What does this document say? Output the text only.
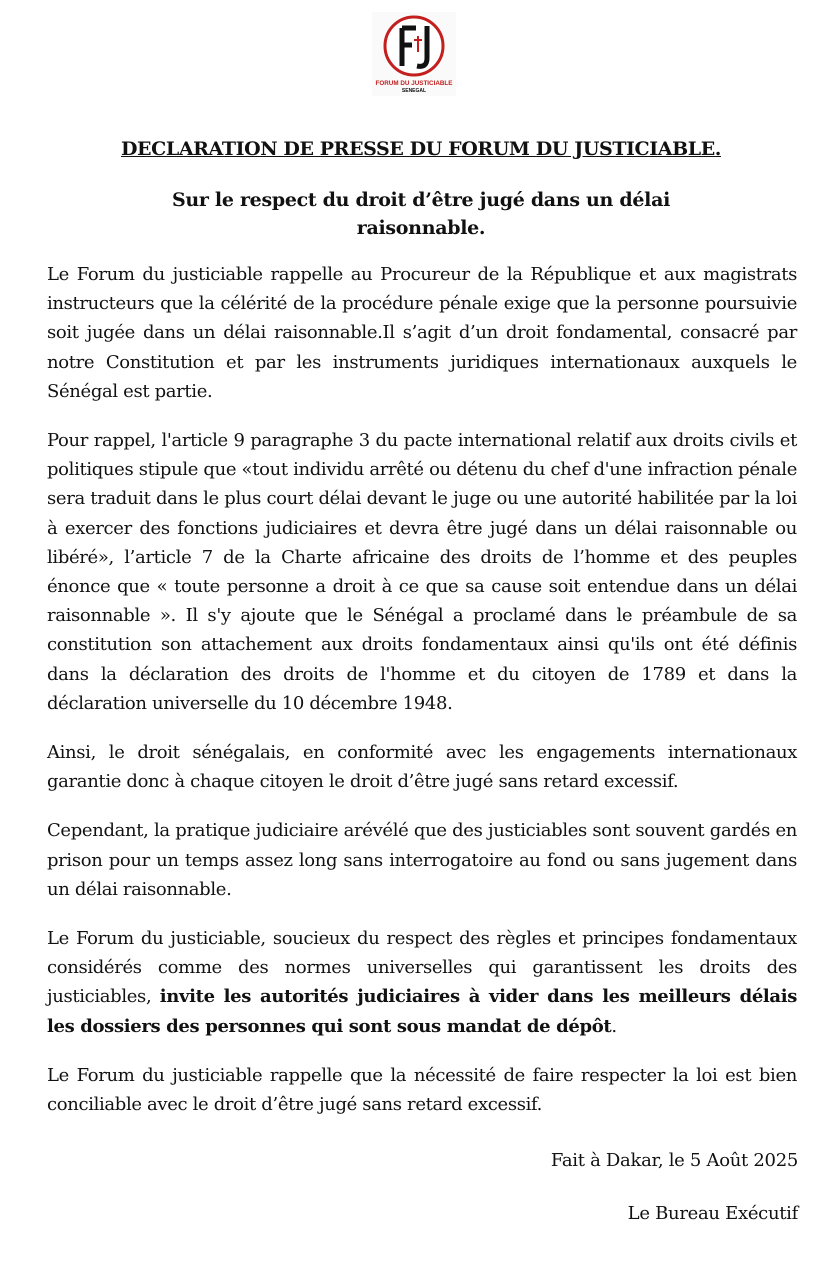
FORUM DU JUSTICIABLE
SENEGAL
DECLARATION DE PRESSE DU FORUM DU JUSTICIABLE.
Sur le respect du droit d’être jugé dans un délai
raisonnable.

Le Forum du justiciable rappelle au Procureur de la République et aux magistrats instructeurs que la célérité de la procédure pénale exige que la personne poursuivie soit jugée dans un délai raisonnable.Il s’agit d’un droit fondamental, consacré par notre Constitution et par les instruments juridiques internationaux auxquels le Sénégal est partie.

Pour rappel, l'article 9 paragraphe 3 du pacte international relatif aux droits civils et politiques stipule que «tout individu arrêté ou détenu du chef d'une infraction pénale sera traduit dans le plus court délai devant le juge ou une autorité habilitée par la loi à exercer des fonctions judiciaires et devra être jugé dans un délai raisonnable ou libéré», l’article 7 de la Charte africaine des droits de l’homme et des peuples énonce que « toute personne a droit à ce que sa cause soit entendue dans un délai raisonnable ». Il s'y ajoute que le Sénégal a proclamé dans le préambule de sa constitution son attachement aux droits fondamentaux ainsi qu'ils ont été définis dans la déclaration des droits de l'homme et du citoyen de 1789 et dans la déclaration universelle du 10 décembre 1948.

Ainsi, le droit sénégalais, en conformité avec les engagements internationaux garantie donc à chaque citoyen le droit d’être jugé sans retard excessif.

Cependant, la pratique judiciaire arévélé que des justiciables sont souvent gardés en prison pour un temps assez long sans interrogatoire au fond ou sans jugement dans un délai raisonnable.

Le Forum du justiciable, soucieux du respect des règles et principes fondamentaux considérés comme des normes universelles qui garantissent les droits des justiciables, invite les autorités judiciaires à vider dans les meilleurs délais les dossiers des personnes qui sont sous mandat de dépôt.

Le Forum du justiciable rappelle que la nécessité de faire respecter la loi est bien conciliable avec le droit d’être jugé sans retard excessif.

Fait à Dakar, le 5 Août 2025
Le Bureau Exécutif
